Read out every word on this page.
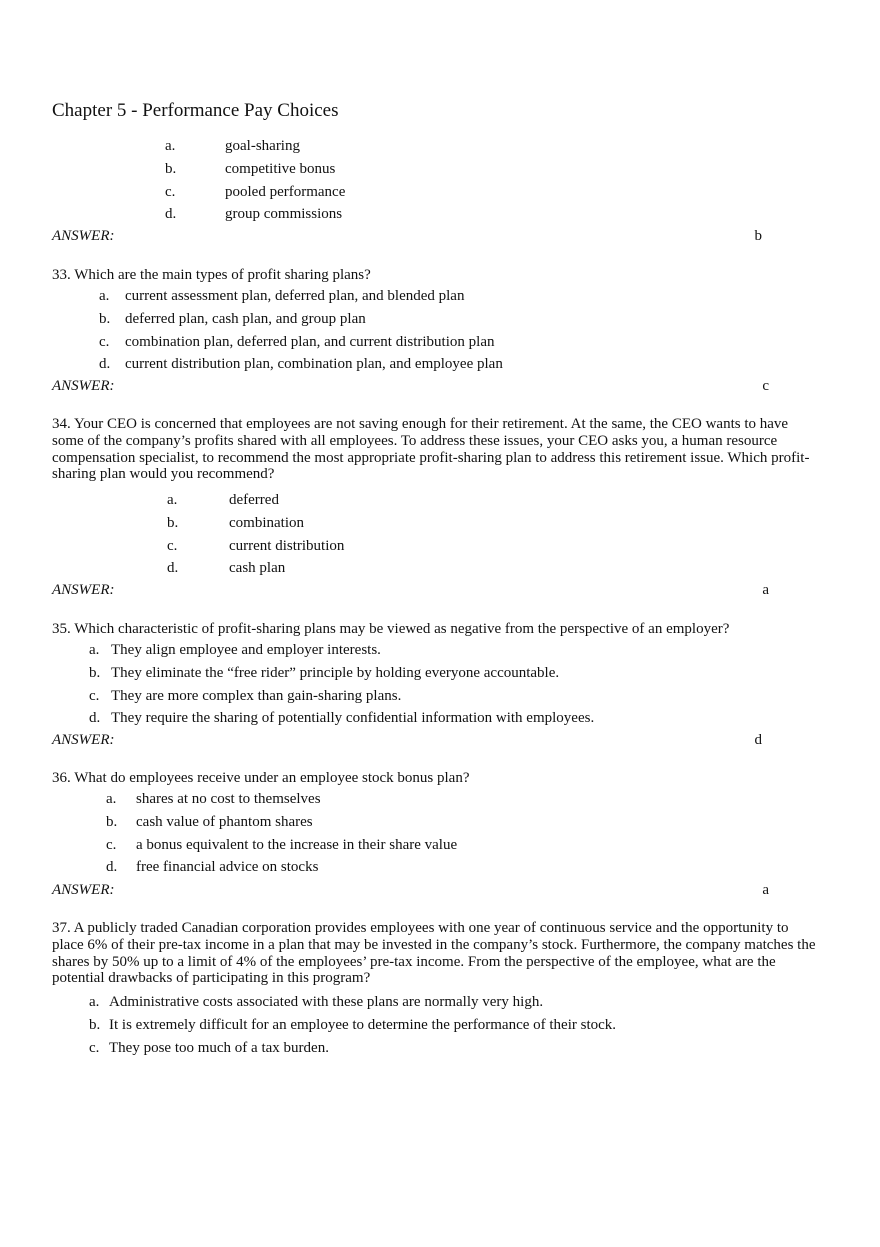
Chapter 5 - Performance Pay Choices
a.	goal-sharing
b.	competitive bonus
c.	pooled performance
d.	group commissions
ANSWER:	b

33. Which are the main types of profit sharing plans?

a. current assessment plan, deferred plan, and blended plan
b. deferred plan, cash plan, and group plan
c. combination plan, deferred plan, and current distribution plan
d. current distribution plan, combination plan, and employee plan
ANSWER:	c

34. Your CEO is concerned that employees are not saving enough for their retirement. At the same, the CEO wants to have some of the company’s profits shared with all employees. To address these issues, your CEO asks you, a human resource compensation specialist, to recommend the most appropriate profit-sharing plan to address this retirement issue. Which profit-sharing plan would you recommend?

a.	deferred
b.	combination
c.	current distribution
d.	cash plan
ANSWER:	a

35. Which characteristic of profit-sharing plans may be viewed as negative from the perspective of an employer?

a. They align employee and employer interests.
b. They eliminate the “free rider” principle by holding everyone accountable.
c. They are more complex than gain-sharing plans.
d. They require the sharing of potentially confidential information with employees.
ANSWER:	d

36. What do employees receive under an employee stock bonus plan?

a. shares at no cost to themselves
b. cash value of phantom shares
c. a bonus equivalent to the increase in their share value
d. free financial advice on stocks
ANSWER:	a

37. A publicly traded Canadian corporation provides employees with one year of continuous service and the opportunity to place 6% of their pre-tax income in a plan that may be invested in the company’s stock. Furthermore, the company matches the shares by 50% up to a limit of 4% of the employees’ pre-tax income. From the perspective of the employee, what are the potential drawbacks of participating in this program?

a. Administrative costs associated with these plans are normally very high.
b. It is extremely difficult for an employee to determine the performance of their stock.
c. They pose too much of a tax burden.
